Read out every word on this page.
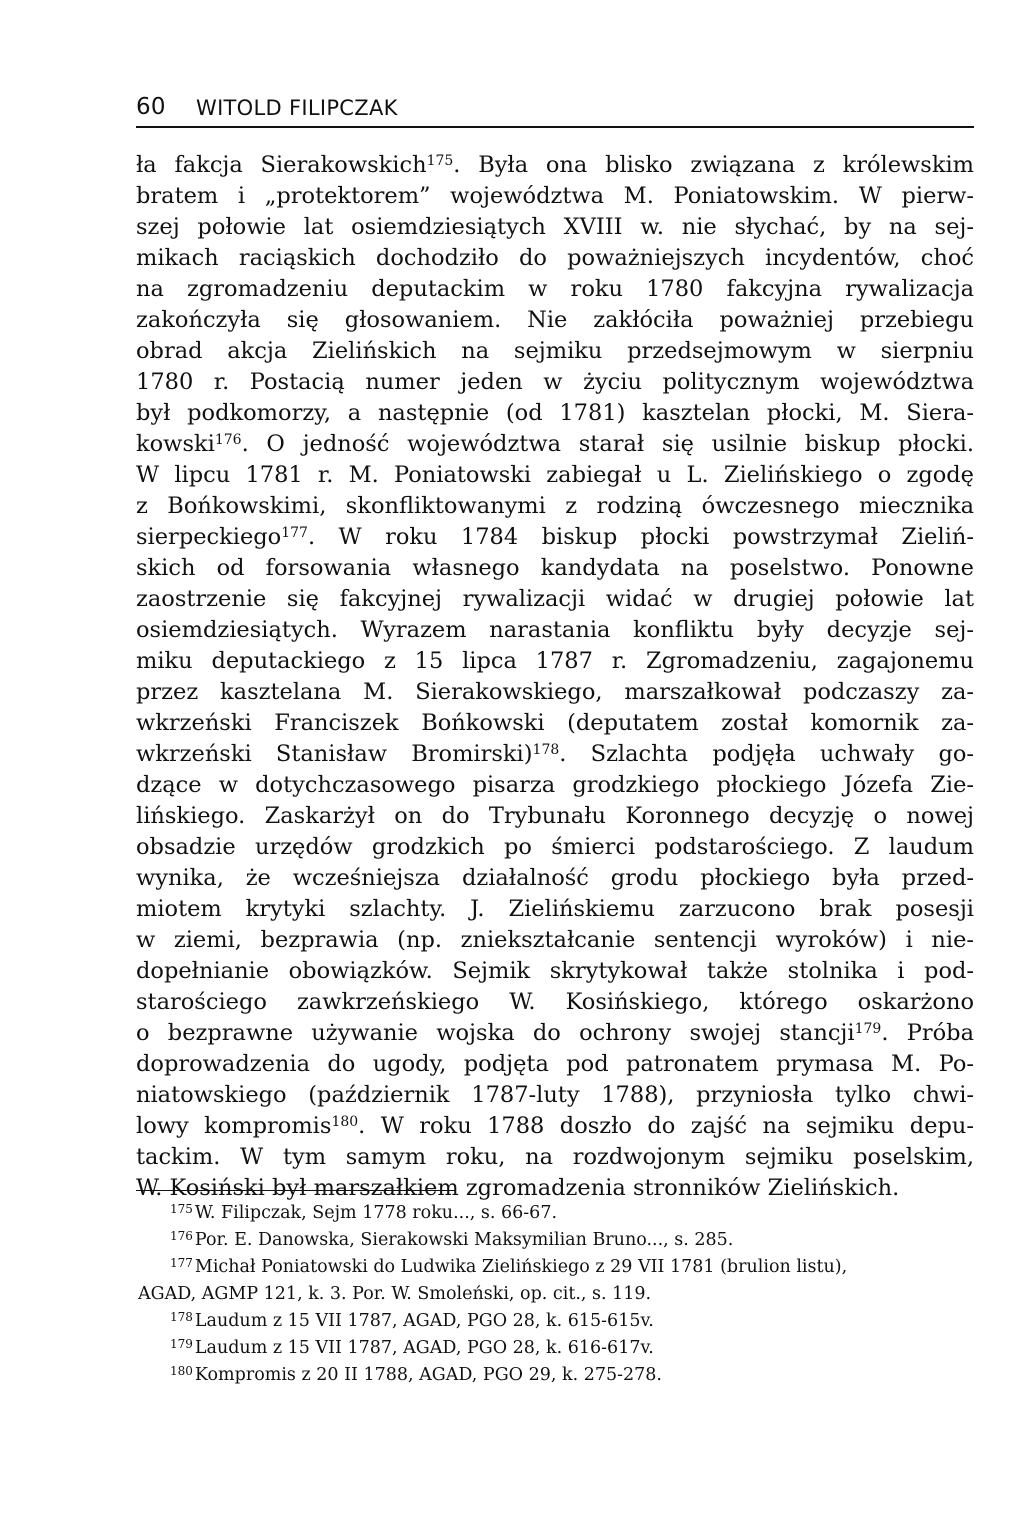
60 WITOLD FILIPCZAK
ła fakcja Sierakowskich$^{175}$. Była ona blisko związana z królewskim
bratem i „protektorem” województwa M. Poniatowskim. W pierw-
szej połowie lat osiemdziesiątych XVIII w. nie słychać, by na sej-
mikach raciąskich dochodziło do poważniejszych incydentów, choć
na zgromadzeniu deputackim w roku 1780 fakcyjna rywalizacja
zakończyła się głosowaniem. Nie zakłóciła poważniej przebiegu
obrad akcja Zielińskich na sejmiku przedsejmowym w sierpniu
1780 r. Postacią numer jeden w życiu politycznym województwa
był podkomorzy, a następnie (od 1781) kasztelan płocki, M. Siera-
kowski$^{176}$. O jedność województwa starał się usilnie biskup płocki.
W lipcu 1781 r. M. Poniatowski zabiegał u L. Zielińskiego o zgodę
z Bońkowskimi, skonfliktowanymi z rodziną ówczesnego miecznika
sierpeckiego$^{177}$. W roku 1784 biskup płocki powstrzymał Zieliń-
skich od forsowania własnego kandydata na poselstwo. Ponowne
zaostrzenie się fakcyjnej rywalizacji widać w drugiej połowie lat
osiemdziesiątych. Wyrazem narastania konfliktu były decyzje sej-
miku deputackiego z 15 lipca 1787 r. Zgromadzeniu, zagajonemu
przez kasztelana M. Sierakowskiego, marszałkował podczaszy za-
wkrzeński Franciszek Bońkowski (deputatem został komornik za-
wkrzeński Stanisław Bromirski)$^{178}$. Szlachta podjęła uchwały go-
dzące w dotychczasowego pisarza grodzkiego płockiego Józefa Zie-
lińskiego. Zaskarżył on do Trybunału Koronnego decyzję o nowej
obsadzie urzędów grodzkich po śmierci podstarościego. Z laudum
wynika, że wcześniejsza działalność grodu płockiego była przed-
miotem krytyki szlachty. J. Zielińskiemu zarzucono brak posesji
w ziemi, bezprawia (np. zniekształcanie sentencji wyroków) i nie-
dopełnianie obowiązków. Sejmik skrytykował także stolnika i pod-
starościego zawkrzeńskiego W. Kosińskiego, którego oskarżono
o bezprawne używanie wojska do ochrony swojej stancji$^{179}$. Próba
doprowadzenia do ugody, podjęta pod patronatem prymasa M. Po-
niatowskiego (październik 1787-luty 1788), przyniosła tylko chwi-
lowy kompromis$^{180}$. W roku 1788 doszło do zajść na sejmiku depu-
tackim. W tym samym roku, na rozdwojonym sejmiku poselskim,
W. Kosiński był marszałkiem zgromadzenia stronników Zielińskich.
$^{175}$ W. Filipczak, Sejm 1778 roku..., s. 66-67.
$^{176}$ Por. E. Danowska, Sierakowski Maksymilian Bruno..., s. 285.
$^{177}$ Michał Poniatowski do Ludwika Zielińskiego z 29 VII 1781 (brulion listu),
AGAD, AGMP 121, k. 3. Por. W. Smoleński, op. cit., s. 119.
$^{178}$ Laudum z 15 VII 1787, AGAD, PGO 28, k. 615-615v.
$^{179}$ Laudum z 15 VII 1787, AGAD, PGO 28, k. 616-617v.
$^{180}$ Kompromis z 20 II 1788, AGAD, PGO 29, k. 275-278.
